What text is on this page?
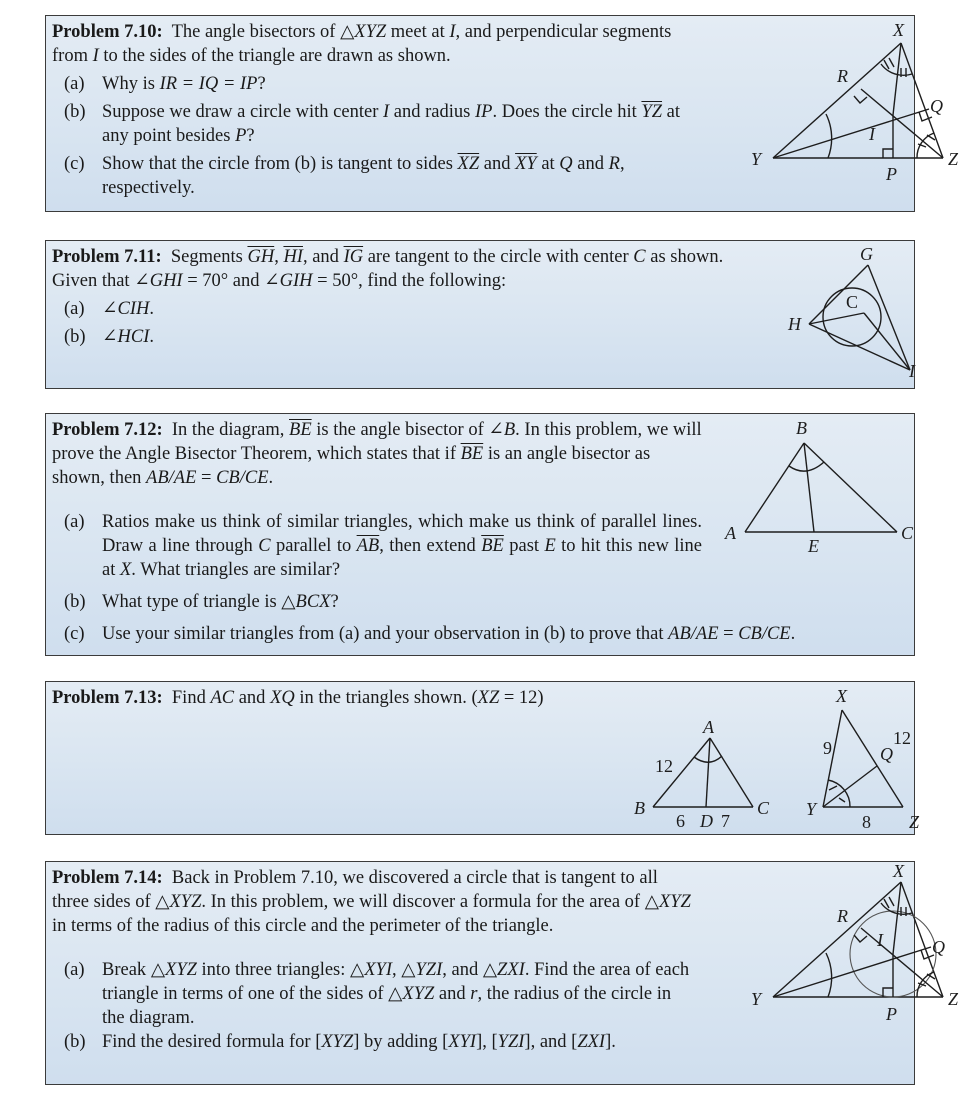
Problem 7.10: The angle bisectors of △XYZ meet at I, and perpendicular segments from I to the sides of the triangle are drawn as shown.

(a) Why is IR = IQ = IP?
(b) Suppose we draw a circle with center I and radius IP. Does the circle hit $\overline{YZ}$ at any point besides P?
(c) Show that the circle from (b) is tangent to sides $\overline{XZ}$ and $\overline{XY}$ at Q and R, respectively.
X
Y	Z
R
Q
I
P

Problem 7.11: Segments $\overline{GH}$, $\overline{HI}$, and $\overline{IG}$ are tangent to the circle with center C as shown. Given that ∠GHI = 70° and ∠GIH = 50°, find the following:

(a) ∠CIH.
(b) ∠HCI.
G
H
I
C

Problem 7.12: In the diagram, $\overline{BE}$ is the angle bisector of ∠B. In this problem, we will prove the Angle Bisector Theorem, which states that if $\overline{BE}$ is an angle bisector as shown, then AB/AE = CB/CE.

(a) Ratios make us think of similar triangles, which make us think of parallel lines. Draw a line through C parallel to $\overline{AB}$, then extend $\overline{BE}$ past E to hit this new line at X. What triangles are similar?
(b) What type of triangle is △BCX?
(c) Use your similar triangles from (a) and your observation in (b) to prove that AB/AE = CB/CE.
B
A	C
E

Problem 7.13: Find AC and XQ in the triangles shown. (XZ = 12)

A
B	C
D
12
6 7
X
Y
Z
Q
9	12
8

Problem 7.14: Back in Problem 7.10, we discovered a circle that is tangent to all three sides of △XYZ. In this problem, we will discover a formula for the area of △XYZ in terms of the radius of this circle and the perimeter of the triangle.

(a) Break △XYZ into three triangles: △XYI, △YZI, and △ZXI. Find the area of each triangle in terms of one of the sides of △XYZ and r, the radius of the circle in the diagram.
(b) Find the desired formula for [XYZ] by adding [XYI], [YZI], and [ZXI].
X
Y	Z
R
Q
I
P
